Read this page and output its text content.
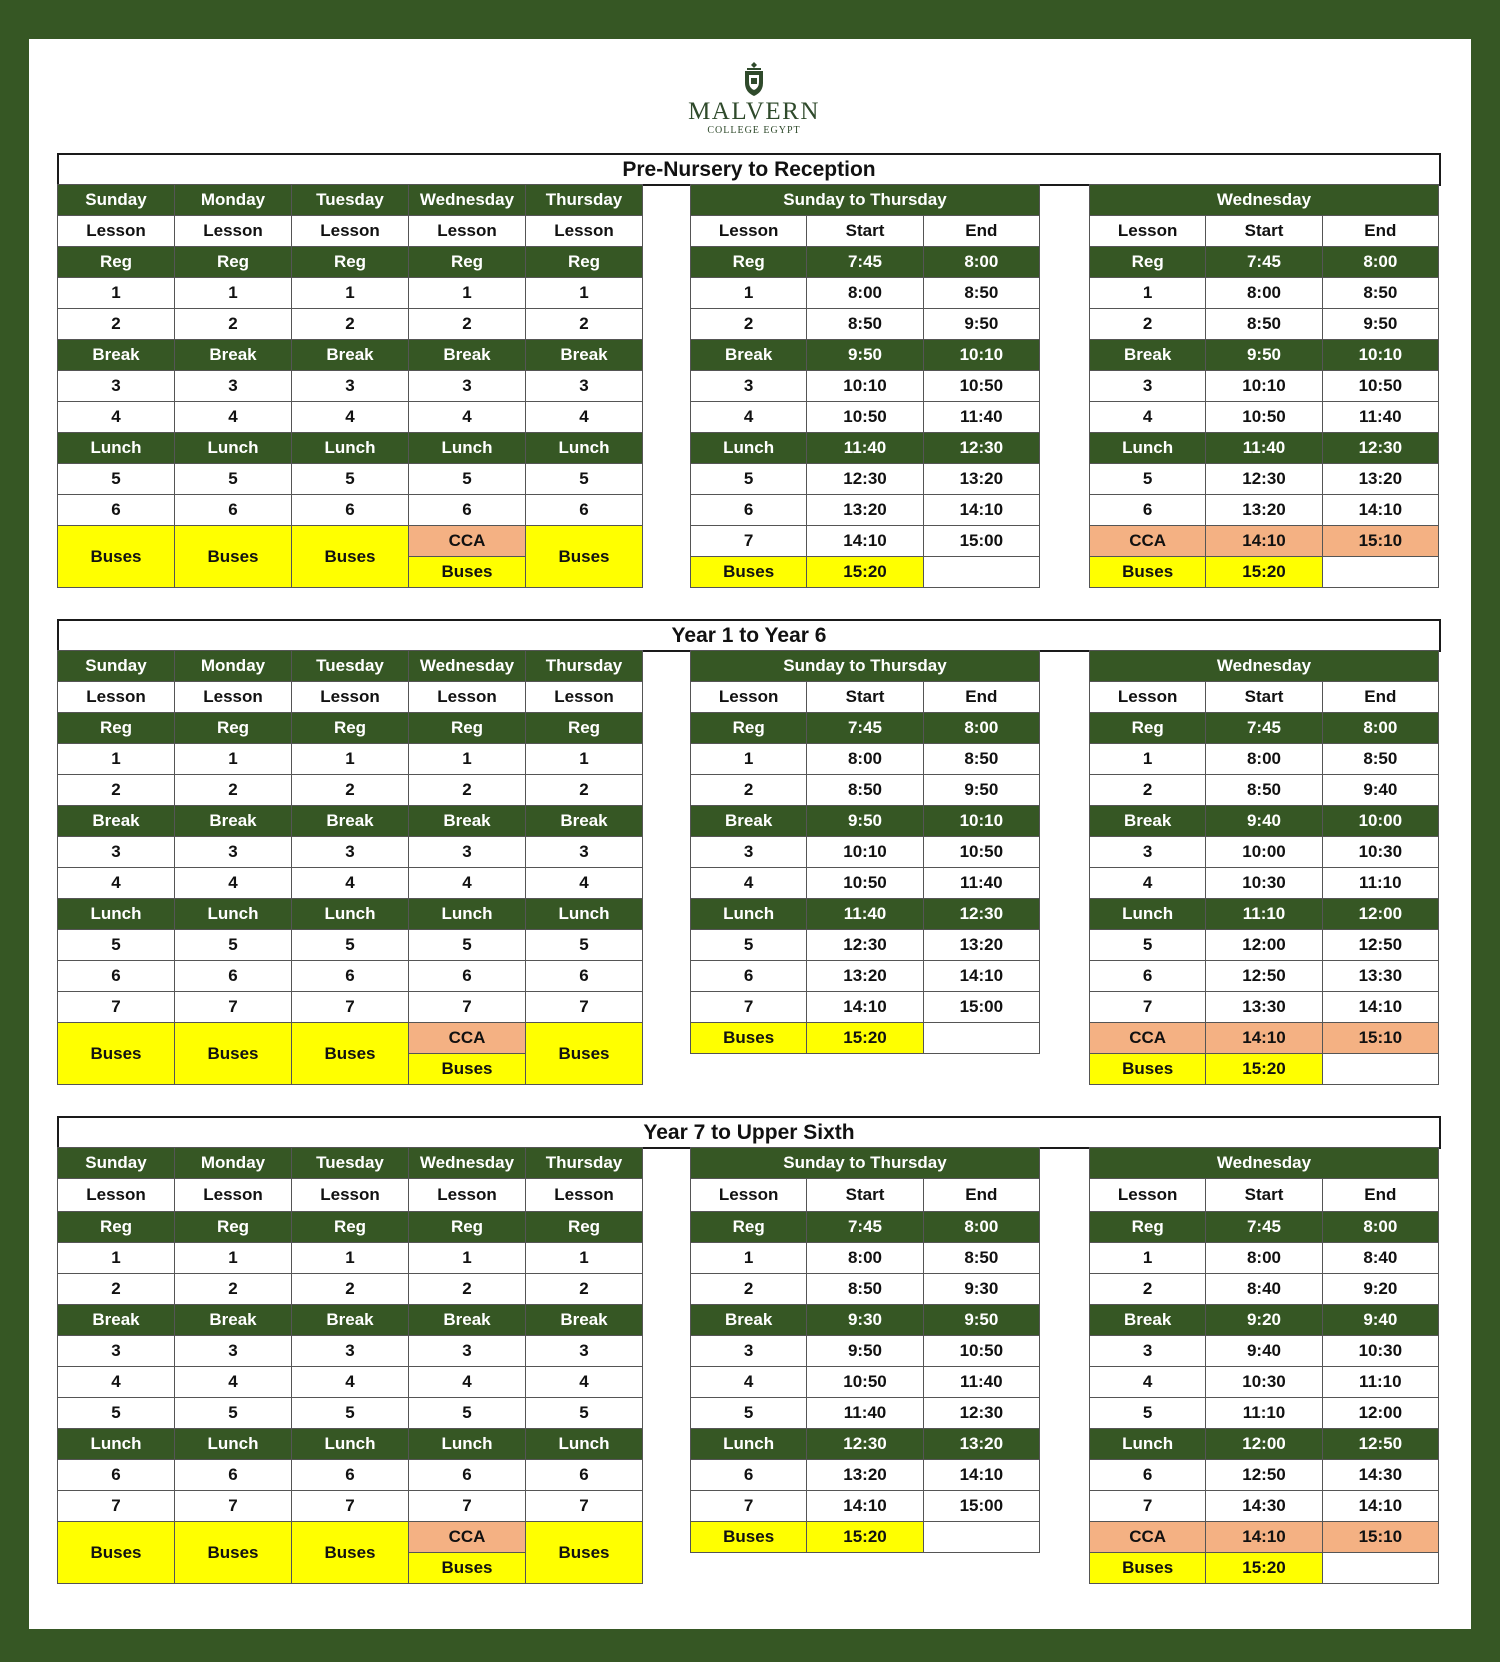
MALVERN
COLLEGE EGYPT
Pre-Nursery to Reception
Sunday	Monday	Tuesday	Wednesday	Thursday
Lesson	Lesson	Lesson	Lesson	Lesson
Reg	Reg	Reg	Reg	Reg
1	1	1	1	1
2	2	2	2	2
Break	Break	Break	Break	Break
3	3	3	3	3
4	4	4	4	4
Lunch	Lunch	Lunch	Lunch	Lunch
5	5	5	5	5
6	6	6	6	6
Buses	Buses	Buses	CCA	Buses
			Buses	
Sunday to Thursday		
Lesson	Start	End
Reg	7:45	8:00
1	8:00	8:50
2	8:50	9:50
Break	9:50	10:10
3	10:10	10:50
4	10:50	11:40
Lunch	11:40	12:30
5	12:30	13:20
6	13:20	14:10
7	14:10	15:00
Buses	15:20	
Wednesday		
Lesson	Start	End
Reg	7:45	8:00
1	8:00	8:50
2	8:50	9:50
Break	9:50	10:10
3	10:10	10:50
4	10:50	11:40
Lunch	11:40	12:30
5	12:30	13:20
6	13:20	14:10
CCA	14:10	15:10
Buses	15:20	
Year 1 to Year 6
Sunday	Monday	Tuesday	Wednesday	Thursday
Lesson	Lesson	Lesson	Lesson	Lesson
Reg	Reg	Reg	Reg	Reg
1	1	1	1	1
2	2	2	2	2
Break	Break	Break	Break	Break
3	3	3	3	3
4	4	4	4	4
Lunch	Lunch	Lunch	Lunch	Lunch
5	5	5	5	5
6	6	6	6	6
7	7	7	7	7
Buses	Buses	Buses	CCA	Buses
			Buses	
Sunday to Thursday		
Lesson	Start	End
Reg	7:45	8:00
1	8:00	8:50
2	8:50	9:50
Break	9:50	10:10
3	10:10	10:50
4	10:50	11:40
Lunch	11:40	12:30
5	12:30	13:20
6	13:20	14:10
7	14:10	15:00
Buses	15:20	
Wednesday		
Lesson	Start	End
Reg	7:45	8:00
1	8:00	8:50
2	8:50	9:40
Break	9:40	10:00
3	10:00	10:30
4	10:30	11:10
Lunch	11:10	12:00
5	12:00	12:50
6	12:50	13:30
7	13:30	14:10
CCA	14:10	15:10
Buses	15:20	
Year 7 to Upper Sixth
Sunday	Monday	Tuesday	Wednesday	Thursday
Lesson	Lesson	Lesson	Lesson	Lesson
Reg	Reg	Reg	Reg	Reg
1	1	1	1	1
2	2	2	2	2
Break	Break	Break	Break	Break
3	3	3	3	3
4	4	4	4	4
5	5	5	5	5
Lunch	Lunch	Lunch	Lunch	Lunch
6	6	6	6	6
7	7	7	7	7
Buses	Buses	Buses	CCA	Buses
			Buses	
Sunday to Thursday		
Lesson	Start	End
Reg	7:45	8:00
1	8:00	8:50
2	8:50	9:30
Break	9:30	9:50
3	9:50	10:50
4	10:50	11:40
5	11:40	12:30
Lunch	12:30	13:20
6	13:20	14:10
7	14:10	15:00
Buses	15:20	
Wednesday		
Lesson	Start	End
Reg	7:45	8:00
1	8:00	8:40
2	8:40	9:20
Break	9:20	9:40
3	9:40	10:30
4	10:30	11:10
5	11:10	12:00
Lunch	12:00	12:50
6	12:50	14:30
7	14:30	14:10
CCA	14:10	15:10
Buses	15:20	
